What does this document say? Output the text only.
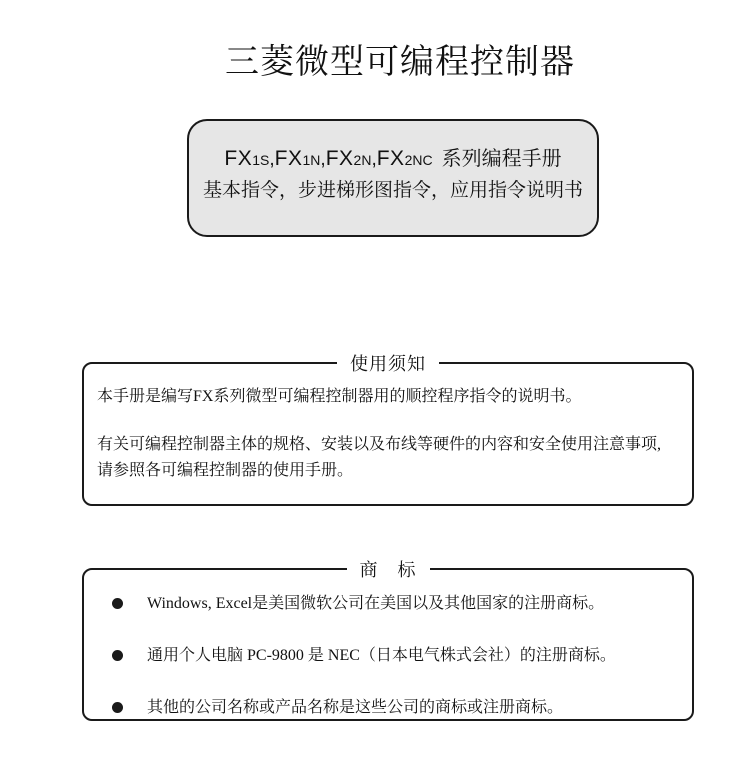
三菱微型可编程控制器
FX1S,FX1N,FX2N,FX2NC 系列编程手册
基本指令，步进梯形图指令，应用指令说明书
使用须知

本手册是编写FX系列微型可编程控制器用的顺控程序指令的说明书。

有关可编程控制器主体的规格、安装以及布线等硬件的内容和安全使用注意事项, 请参照各可编程控制器的使用手册。

商　标
Windows, Excel是美国微软公司在美国以及其他国家的注册商标。
通用个人电脑 PC-9800 是 NEC（日本电气株式会社）的注册商标。
其他的公司名称或产品名称是这些公司的商标或注册商标。
